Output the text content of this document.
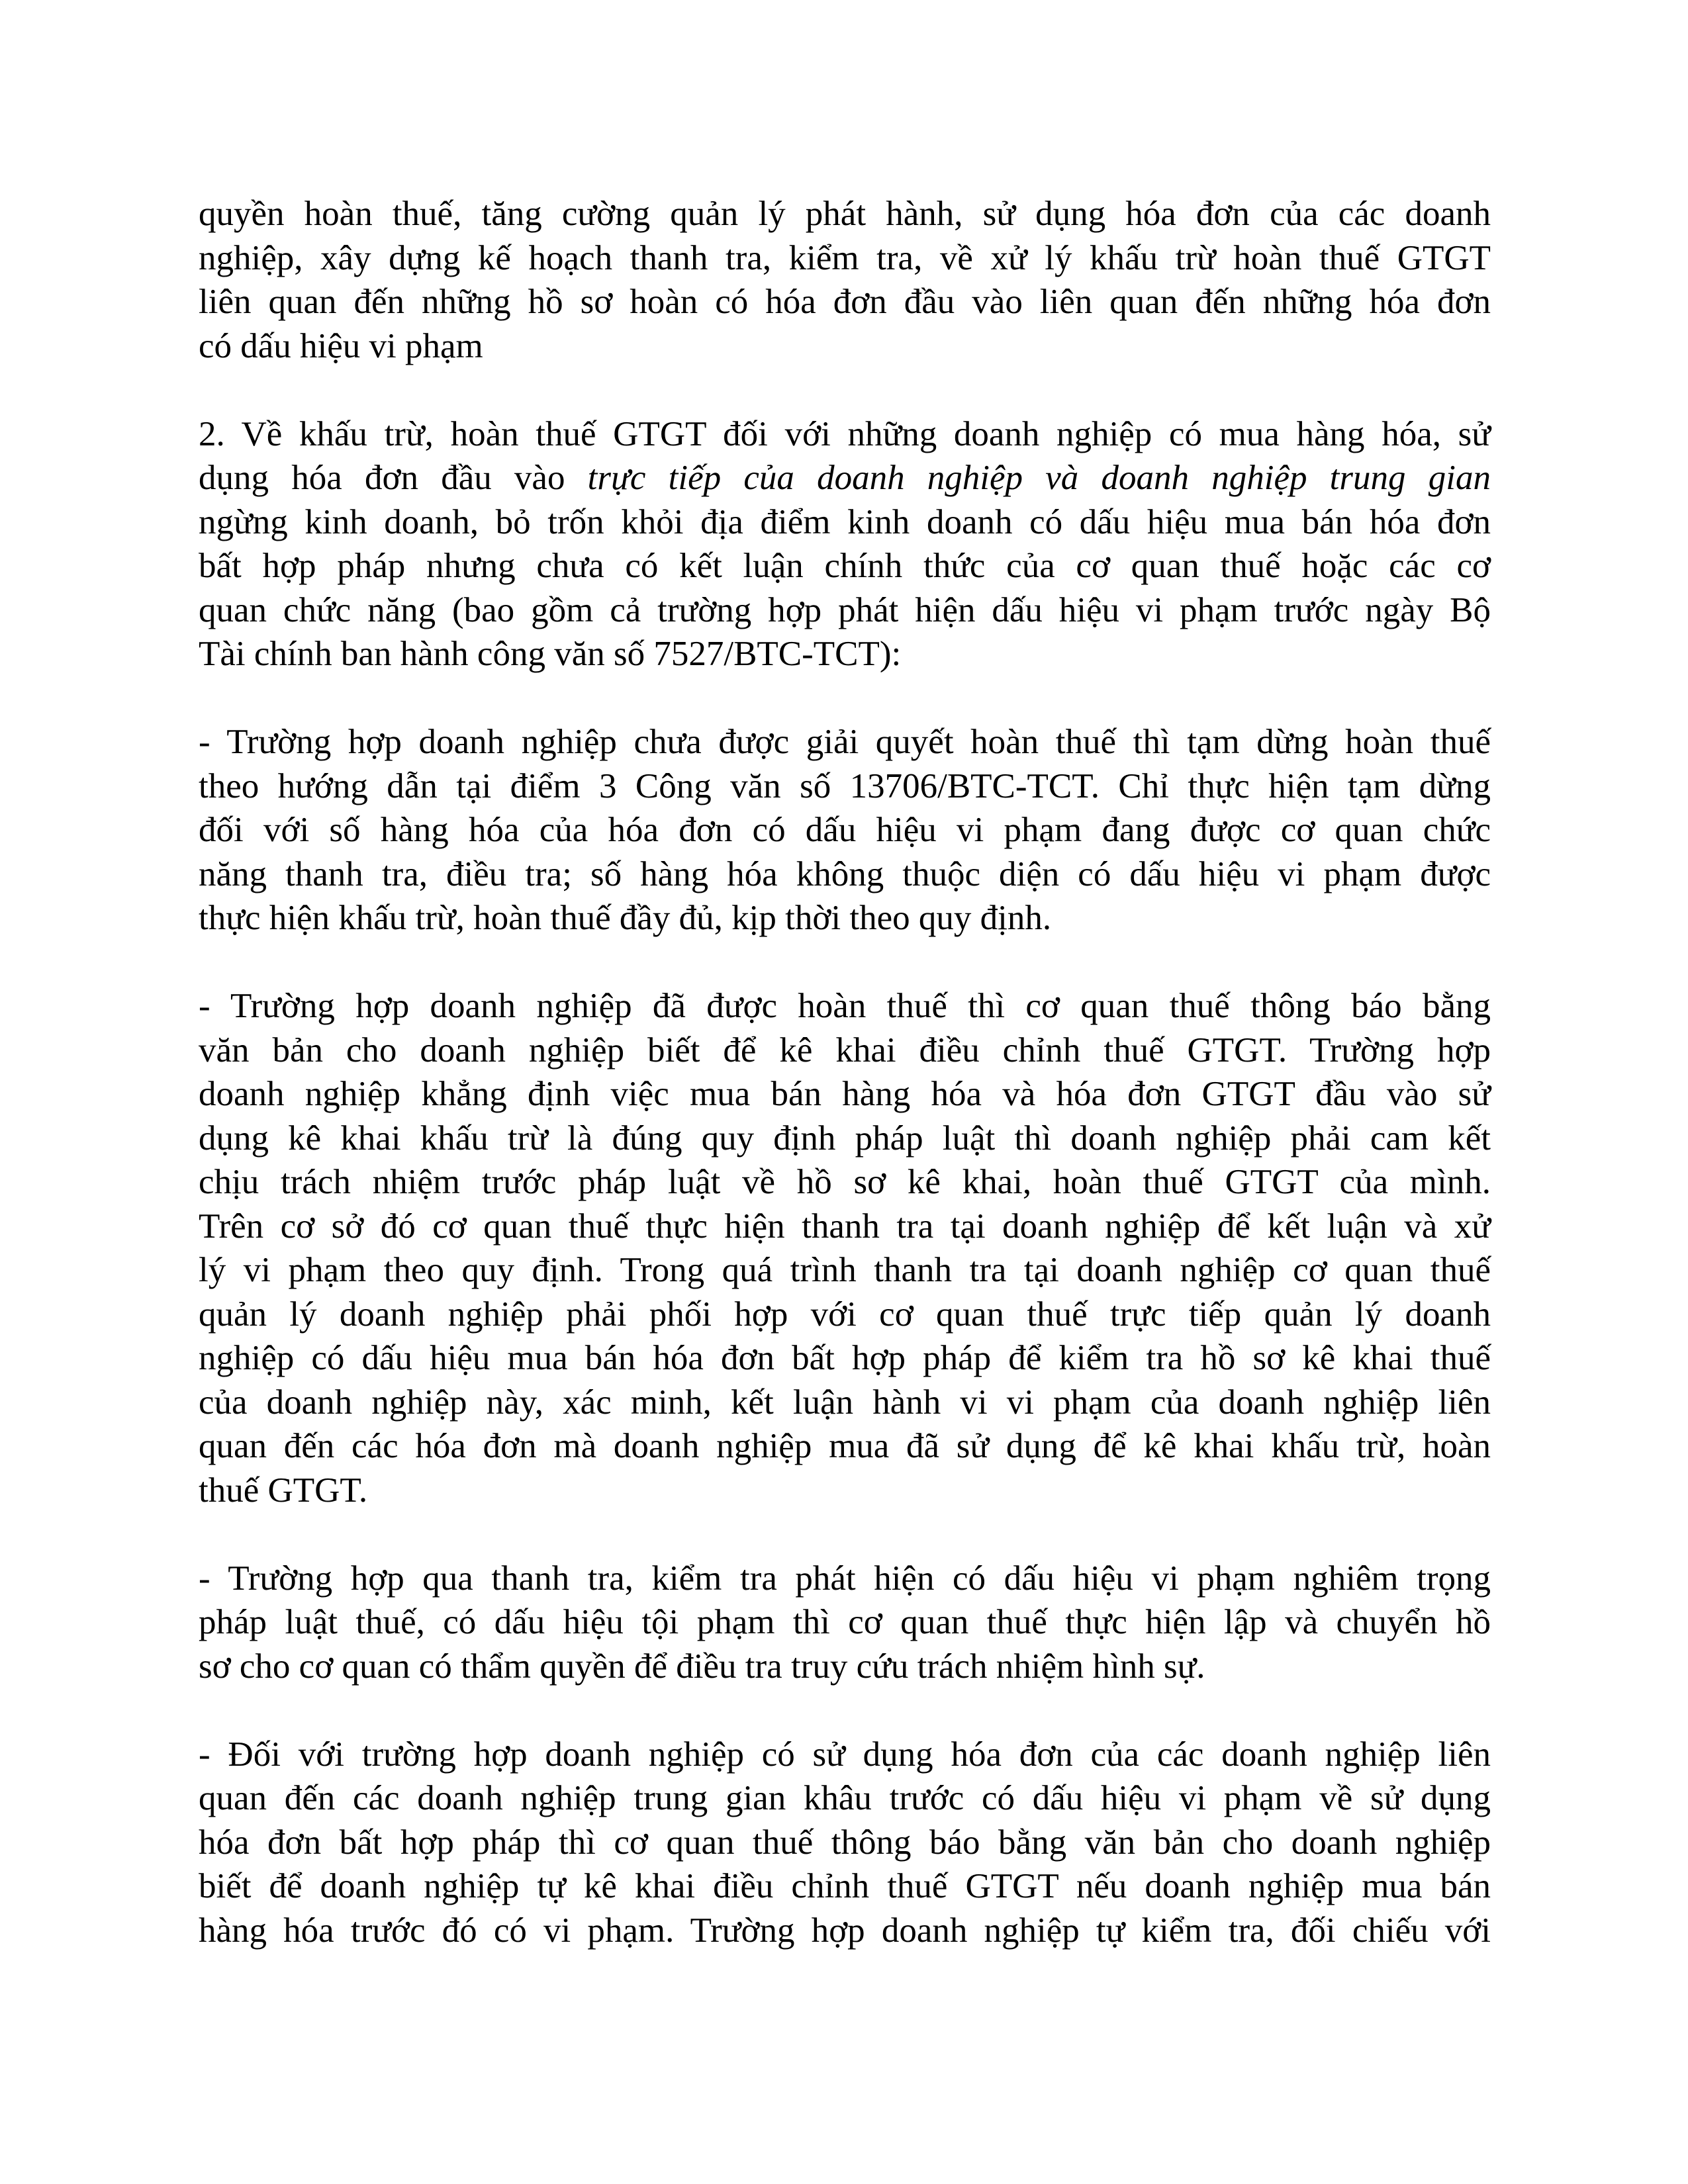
quyền hoàn thuế, tăng cường quản lý phát hành, sử dụng hóa đơn của các doanh
nghiệp, xây dựng kế hoạch thanh tra, kiểm tra, về xử lý khấu trừ hoàn thuế GTGT
liên quan đến những hồ sơ hoàn có hóa đơn đầu vào liên quan đến những hóa đơn
có dấu hiệu vi phạm
2. Về khấu trừ, hoàn thuế GTGT đối với những doanh nghiệp có mua hàng hóa, sử
dụng hóa đơn đầu vào trực tiếp của doanh nghiệp và doanh nghiệp trung gian
ngừng kinh doanh, bỏ trốn khỏi địa điểm kinh doanh có dấu hiệu mua bán hóa đơn
bất hợp pháp nhưng chưa có kết luận chính thức của cơ quan thuế hoặc các cơ
quan chức năng (bao gồm cả trường hợp phát hiện dấu hiệu vi phạm trước ngày Bộ
Tài chính ban hành công văn số 7527/BTC-TCT):
- Trường hợp doanh nghiệp chưa được giải quyết hoàn thuế thì tạm dừng hoàn thuế
theo hướng dẫn tại điểm 3 Công văn số 13706/BTC-TCT. Chỉ thực hiện tạm dừng
đối với số hàng hóa của hóa đơn có dấu hiệu vi phạm đang được cơ quan chức
năng thanh tra, điều tra; số hàng hóa không thuộc diện có dấu hiệu vi phạm được
thực hiện khấu trừ, hoàn thuế đầy đủ, kịp thời theo quy định.
- Trường hợp doanh nghiệp đã được hoàn thuế thì cơ quan thuế thông báo bằng
văn bản cho doanh nghiệp biết để kê khai điều chỉnh thuế GTGT. Trường hợp
doanh nghiệp khẳng định việc mua bán hàng hóa và hóa đơn GTGT đầu vào sử
dụng kê khai khấu trừ là đúng quy định pháp luật thì doanh nghiệp phải cam kết
chịu trách nhiệm trước pháp luật về hồ sơ kê khai, hoàn thuế GTGT của mình.
Trên cơ sở đó cơ quan thuế thực hiện thanh tra tại doanh nghiệp để kết luận và xử
lý vi phạm theo quy định. Trong quá trình thanh tra tại doanh nghiệp cơ quan thuế
quản lý doanh nghiệp phải phối hợp với cơ quan thuế trực tiếp quản lý doanh
nghiệp có dấu hiệu mua bán hóa đơn bất hợp pháp để kiểm tra hồ sơ kê khai thuế
của doanh nghiệp này, xác minh, kết luận hành vi vi phạm của doanh nghiệp liên
quan đến các hóa đơn mà doanh nghiệp mua đã sử dụng để kê khai khấu trừ, hoàn
thuế GTGT.
- Trường hợp qua thanh tra, kiểm tra phát hiện có dấu hiệu vi phạm nghiêm trọng
pháp luật thuế, có dấu hiệu tội phạm thì cơ quan thuế thực hiện lập và chuyển hồ
sơ cho cơ quan có thẩm quyền để điều tra truy cứu trách nhiệm hình sự.
- Đối với trường hợp doanh nghiệp có sử dụng hóa đơn của các doanh nghiệp liên
quan đến các doanh nghiệp trung gian khâu trước có dấu hiệu vi phạm về sử dụng
hóa đơn bất hợp pháp thì cơ quan thuế thông báo bằng văn bản cho doanh nghiệp
biết để doanh nghiệp tự kê khai điều chỉnh thuế GTGT nếu doanh nghiệp mua bán
hàng hóa trước đó có vi phạm. Trường hợp doanh nghiệp tự kiểm tra, đối chiếu với
